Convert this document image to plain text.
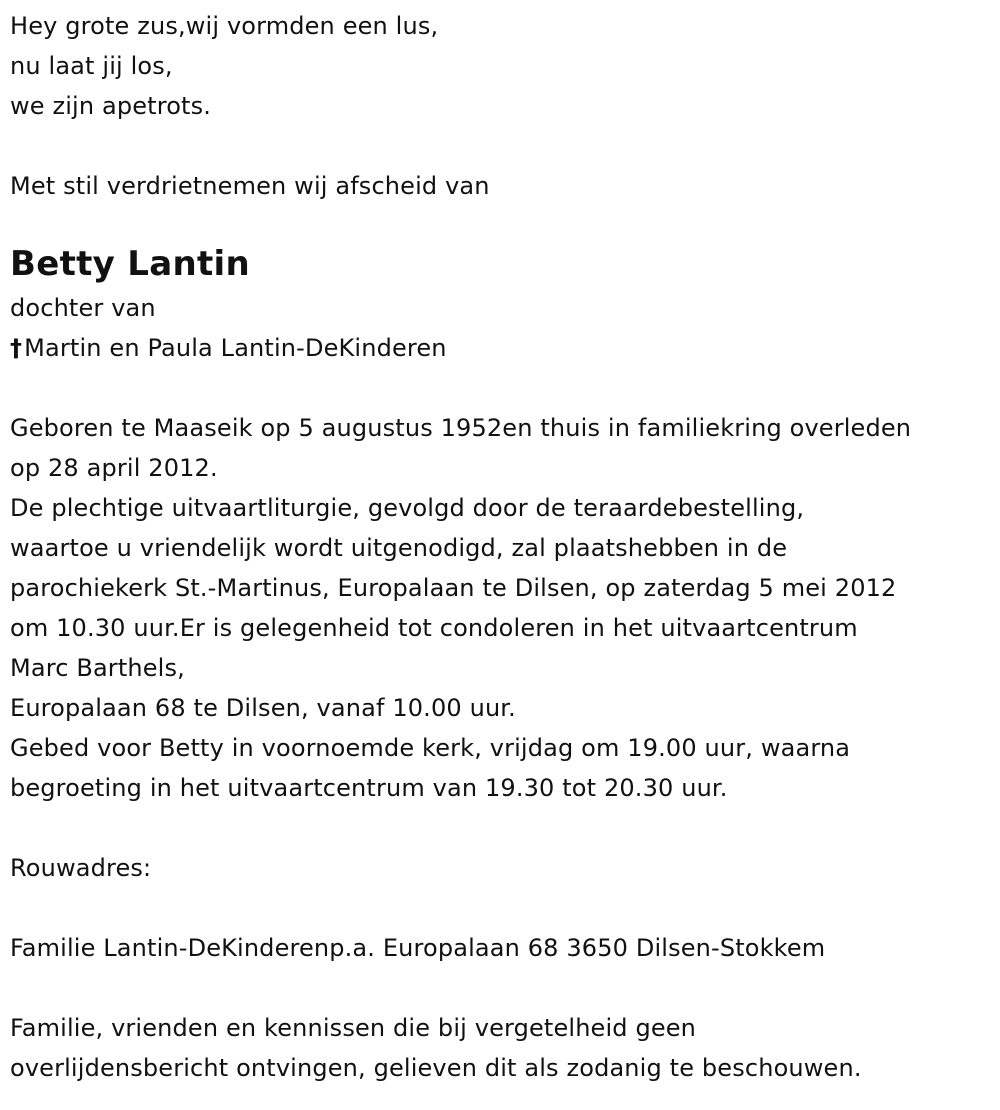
Hey grote zus,wij vormden een lus,
nu laat jij los,
we zijn apetrots.
Met stil verdrietnemen wij afscheid van
Betty Lantin
dochter van
†Martin en Paula Lantin-DeKinderen
Geboren te Maaseik op 5 augustus 1952en thuis in familiekring overleden
op 28 april 2012.
De plechtige uitvaartliturgie, gevolgd door de teraardebestelling,
waartoe u vriendelijk wordt uitgenodigd, zal plaatshebben in de
parochiekerk St.-Martinus, Europalaan te Dilsen, op zaterdag 5 mei 2012
om 10.30 uur.Er is gelegenheid tot condoleren in het uitvaartcentrum
Marc Barthels,
Europalaan 68 te Dilsen, vanaf 10.00 uur.
Gebed voor Betty in voornoemde kerk, vrijdag om 19.00 uur, waarna
begroeting in het uitvaartcentrum van 19.30 tot 20.30 uur.
Rouwadres:
Familie Lantin-DeKinderenp.a. Europalaan 68 3650 Dilsen-Stokkem
Familie, vrienden en kennissen die bij vergetelheid geen
overlijdensbericht ontvingen, gelieven dit als zodanig te beschouwen.
